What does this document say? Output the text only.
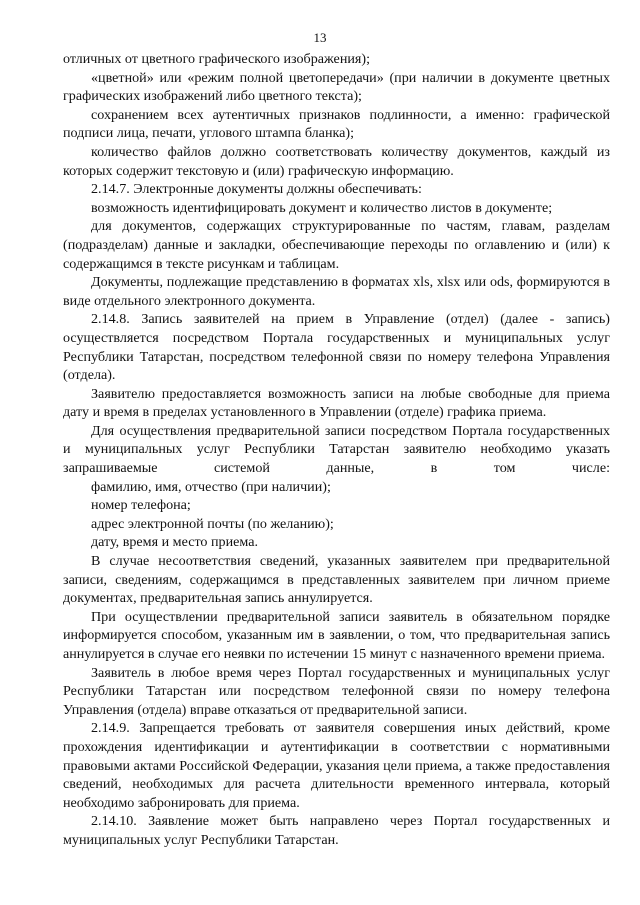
13

отличных от цветного графического изображения);

«цветной» или «режим полной цветопередачи» (при наличии в документе цветных графических изображений либо цветного текста);

сохранением всех аутентичных признаков подлинности, а именно: графической подписи лица, печати, углового штампа бланка);

количество файлов должно соответствовать количеству документов, каждый из которых содержит текстовую и (или) графическую информацию.

2.14.7. Электронные документы должны обеспечивать:

возможность идентифицировать документ и количество листов в документе;

для документов, содержащих структурированные по частям, главам, разделам (подразделам) данные и закладки, обеспечивающие переходы по оглавлению и (или) к содержащимся в тексте рисункам и таблицам.

Документы, подлежащие представлению в форматах xls, xlsx или ods, формируются в виде отдельного электронного документа.

2.14.8. Запись заявителей на прием в Управление (отдел) (далее - запись) осуществляется посредством Портала государственных и муниципальных услуг Республики Татарстан, посредством телефонной связи по номеру телефона Управления (отдела).

Заявителю предоставляется возможность записи на любые свободные для приема дату и время в пределах установленного в Управлении (отделе) графика приема.

Для осуществления предварительной записи посредством Портала государственных и муниципальных услуг Республики Татарстан заявителю необходимо указать запрашиваемые системой данные, в том числе:

фамилию, имя, отчество (при наличии);

номер телефона;

адрес электронной почты (по желанию);

дату, время и место приема.

В случае несоответствия сведений, указанных заявителем при предварительной записи, сведениям, содержащимся в представленных заявителем при личном приеме документах, предварительная запись аннулируется.

При осуществлении предварительной записи заявитель в обязательном порядке информируется способом, указанным им в заявлении, о том, что предварительная запись аннулируется в случае его неявки по истечении 15 минут с назначенного времени приема.

Заявитель в любое время через Портал государственных и муниципальных услуг Республики Татарстан или посредством телефонной связи по номеру телефона Управления (отдела) вправе отказаться от предварительной записи.

2.14.9. Запрещается требовать от заявителя совершения иных действий, кроме прохождения идентификации и аутентификации в соответствии с нормативными правовыми актами Российской Федерации, указания цели приема, а также предоставления сведений, необходимых для расчета длительности временного интервала, который необходимо забронировать для приема.

2.14.10. Заявление может быть направлено через Портал государственных и муниципальных услуг Республики Татарстан.
